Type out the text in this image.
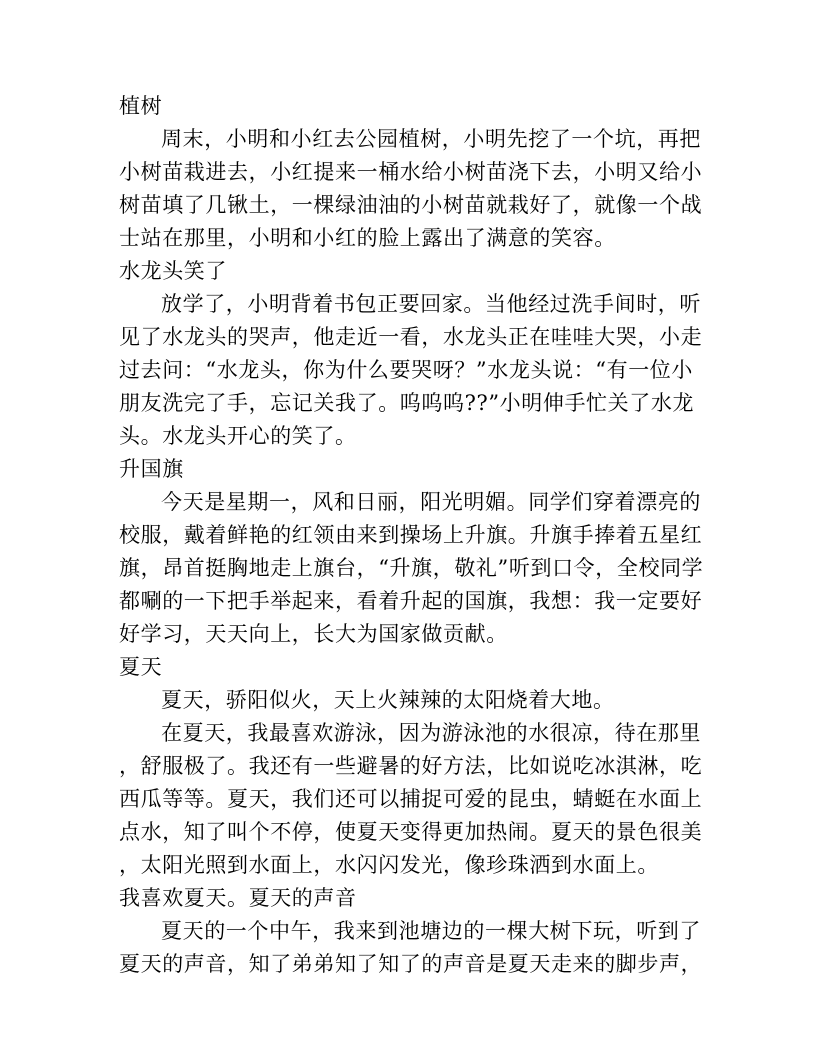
植树
周末，小明和小红去公园植树，小明先挖了一个坑，再把
小树苗栽进去，小红提来一桶水给小树苗浇下去，小明又给小
树苗填了几锹土，一棵绿油油的小树苗就栽好了，就像一个战
士站在那里，小明和小红的脸上露出了满意的笑容。
水龙头笑了
放学了，小明背着书包正要回家。当他经过洗手间时，听
见了水龙头的哭声，他走近一看，水龙头正在哇哇大哭，小走
过去问：“水龙头，你为什么要哭呀？”水龙头说：“有一位小
朋友洗完了手，忘记关我了。呜呜呜??”小明伸手忙关了水龙
头。水龙头开心的笑了。
升国旗
今天是星期一，风和日丽，阳光明媚。同学们穿着漂亮的
校服，戴着鲜艳的红领由来到操场上升旗。升旗手捧着五星红
旗，昂首挺胸地走上旗台，“升旗，敬礼”听到口令，全校同学
都唰的一下把手举起来，看着升起的国旗，我想：我一定要好
好学习，天天向上，长大为国家做贡献。
夏天
夏天，骄阳似火，天上火辣辣的太阳烧着大地。
在夏天，我最喜欢游泳，因为游泳池的水很凉，待在那里
，舒服极了。我还有一些避暑的好方法，比如说吃冰淇淋，吃
西瓜等等。夏天，我们还可以捕捉可爱的昆虫，蜻蜓在水面上
点水，知了叫个不停，使夏天变得更加热闹。夏天的景色很美
，太阳光照到水面上，水闪闪发光，像珍珠洒到水面上。
我喜欢夏天。夏天的声音
夏天的一个中午，我来到池塘边的一棵大树下玩，听到了
夏天的声音，知了弟弟知了知了的声音是夏天走来的脚步声，
